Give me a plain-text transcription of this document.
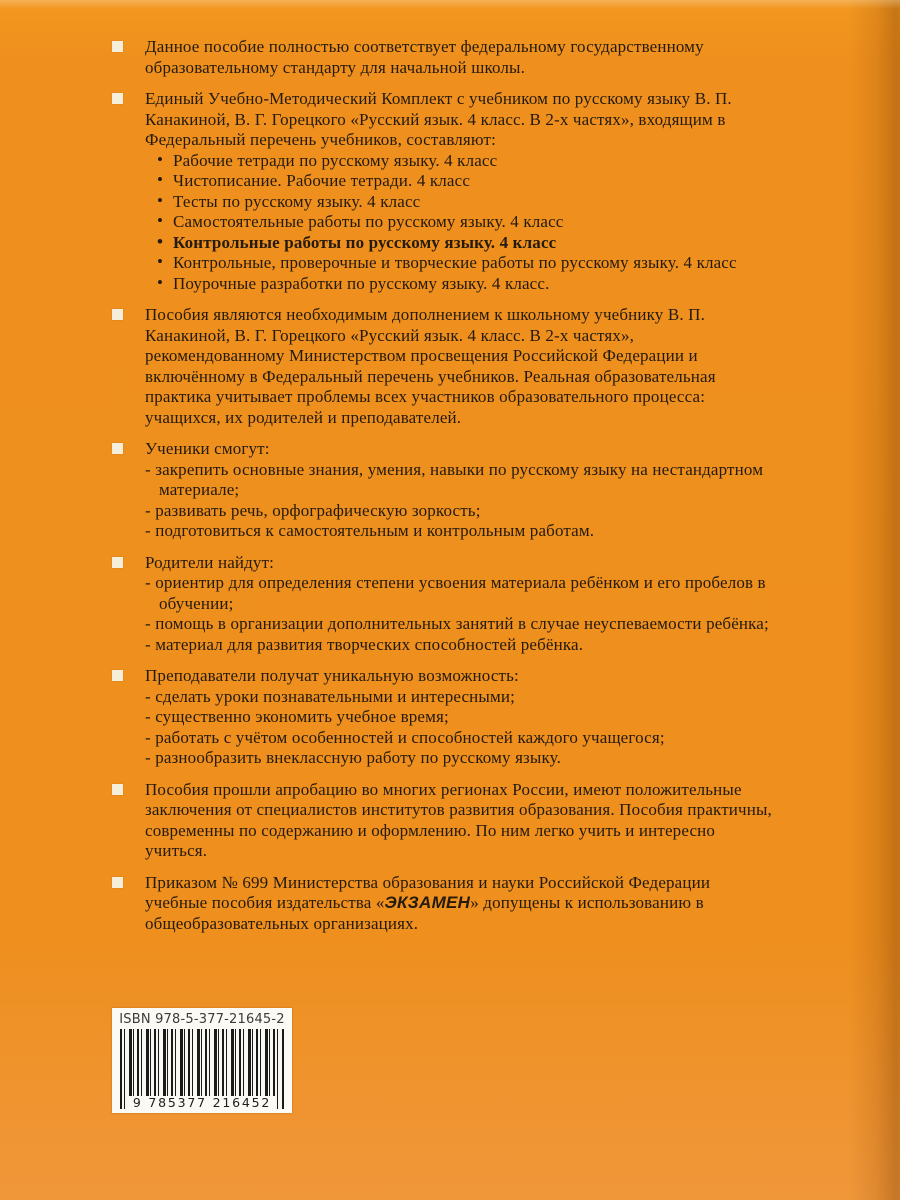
Данное пособие полностью соответствует федеральному государственному образовательному стандарту для начальной школы.
Единый Учебно-Методический Комплект с учебником по русскому языку В. П. Канакиной, В. Г. Горецкого «Русский язык. 4 класс. В 2-х частях», входящим в Федеральный перечень учебников, составляют:
• Рабочие тетради по русскому языку. 4 класс
• Чистописание. Рабочие тетради. 4 класс
• Тесты по русскому языку. 4 класс
• Самостоятельные работы по русскому языку. 4 класс
• Контрольные работы по русскому языку. 4 класс
• Контрольные, проверочные и творческие работы по русскому языку. 4 класс
• Поурочные разработки по русскому языку. 4 класс.
Пособия являются необходимым дополнением к школьному учебнику В. П. Канакиной, В. Г. Горецкого «Русский язык. 4 класс. В 2-х частях», рекомендованному Министерством просвещения Российской Федерации и включённому в Федеральный перечень учебников. Реальная образовательная практика учитывает проблемы всех участников образовательного процесса: учащихся, их родителей и преподавателей.
Ученики смогут:
- закрепить основные знания, умения, навыки по русскому языку на нестандартном материале;
- развивать речь, орфографическую зоркость;
- подготовиться к самостоятельным и контрольным работам.
Родители найдут:
- ориентир для определения степени усвоения материала ребёнком и его пробелов в обучении;
- помощь в организации дополнительных занятий в случае неуспеваемости ребёнка;
- материал для развития творческих способностей ребёнка.
Преподаватели получат уникальную возможность:
- сделать уроки познавательными и интересными;
- существенно экономить учебное время;
- работать с учётом особенностей и способностей каждого учащегося;
- разнообразить внеклассную работу по русскому языку.
Пособия прошли апробацию во многих регионах России, имеют положительные заключения от специалистов институтов развития образования. Пособия практичны, современны по содержанию и оформлению. По ним легко учить и интересно учиться.
Приказом № 699 Министерства образования и науки Российской Федерации учебные пособия издательства «ЭКЗАМЕН» допущены к использованию в общеобразовательных организациях.
ISBN 978-5-377-21645-2
9 785377 216452
